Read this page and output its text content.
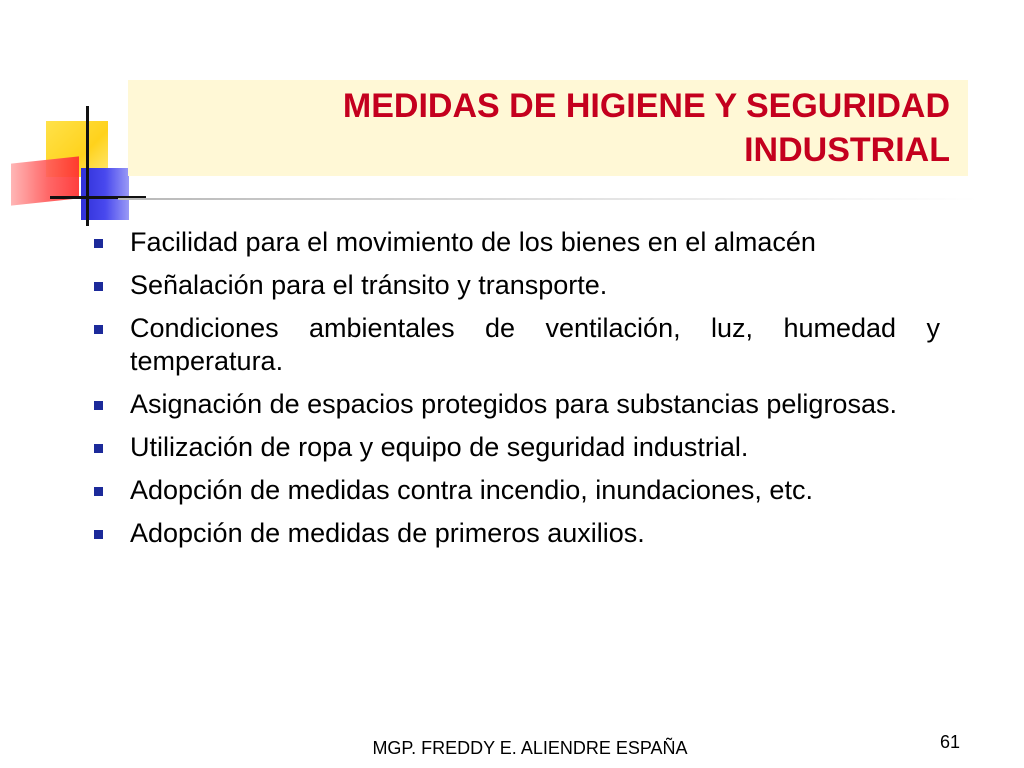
MEDIDAS DE HIGIENE Y SEGURIDAD
INDUSTRIAL
Facilidad para el movimiento de los bienes en el almacén
Señalación para el tránsito y transporte.
Condiciones ambientales de ventilación, luz, humedad y temperatura.
Asignación de espacios protegidos para substancias peligrosas.
Utilización de ropa y equipo de seguridad industrial.
Adopción de medidas contra incendio, inundaciones, etc.
Adopción de medidas de primeros auxilios.
MGP. FREDDY E. ALIENDRE ESPAÑA	61
